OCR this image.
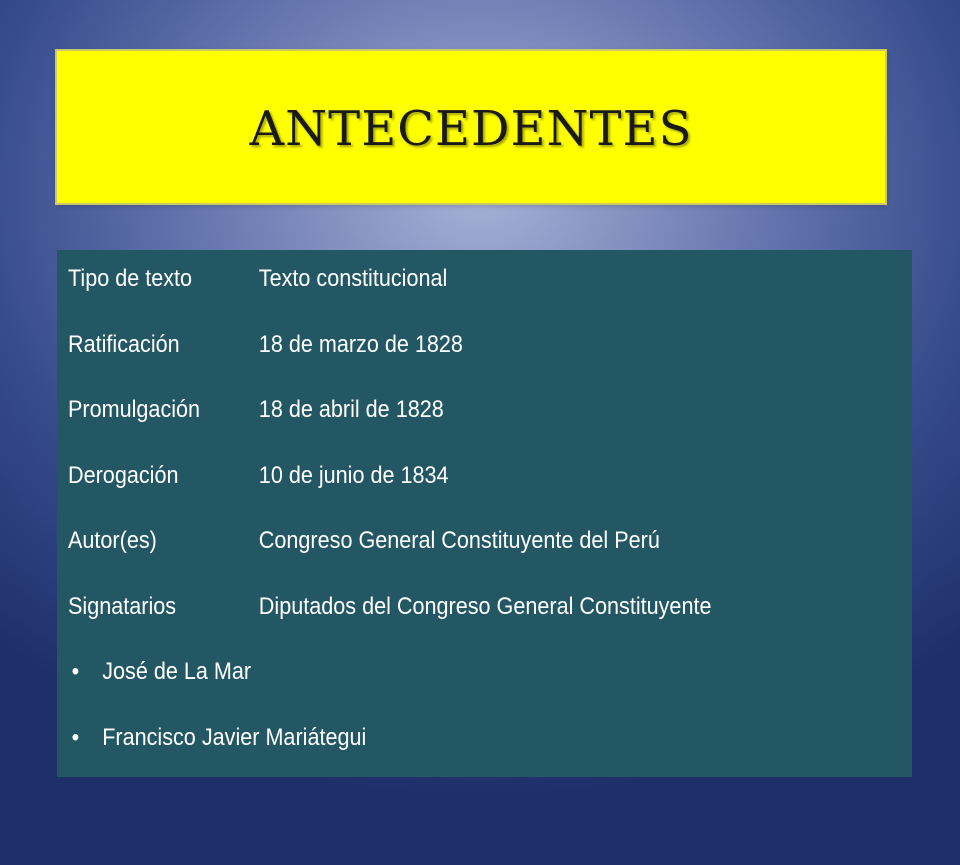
ANTECEDENTES
Tipo de texto	Texto constitucional
Ratificación	18 de marzo de 1828
Promulgación	18 de abril de 1828
Derogación	10 de junio de 1834
Autor(es)	Congreso General Constituyente del Perú
Signatarios	Diputados del Congreso General Constituyente
• José de La Mar
• Francisco Javier Mariátegui
